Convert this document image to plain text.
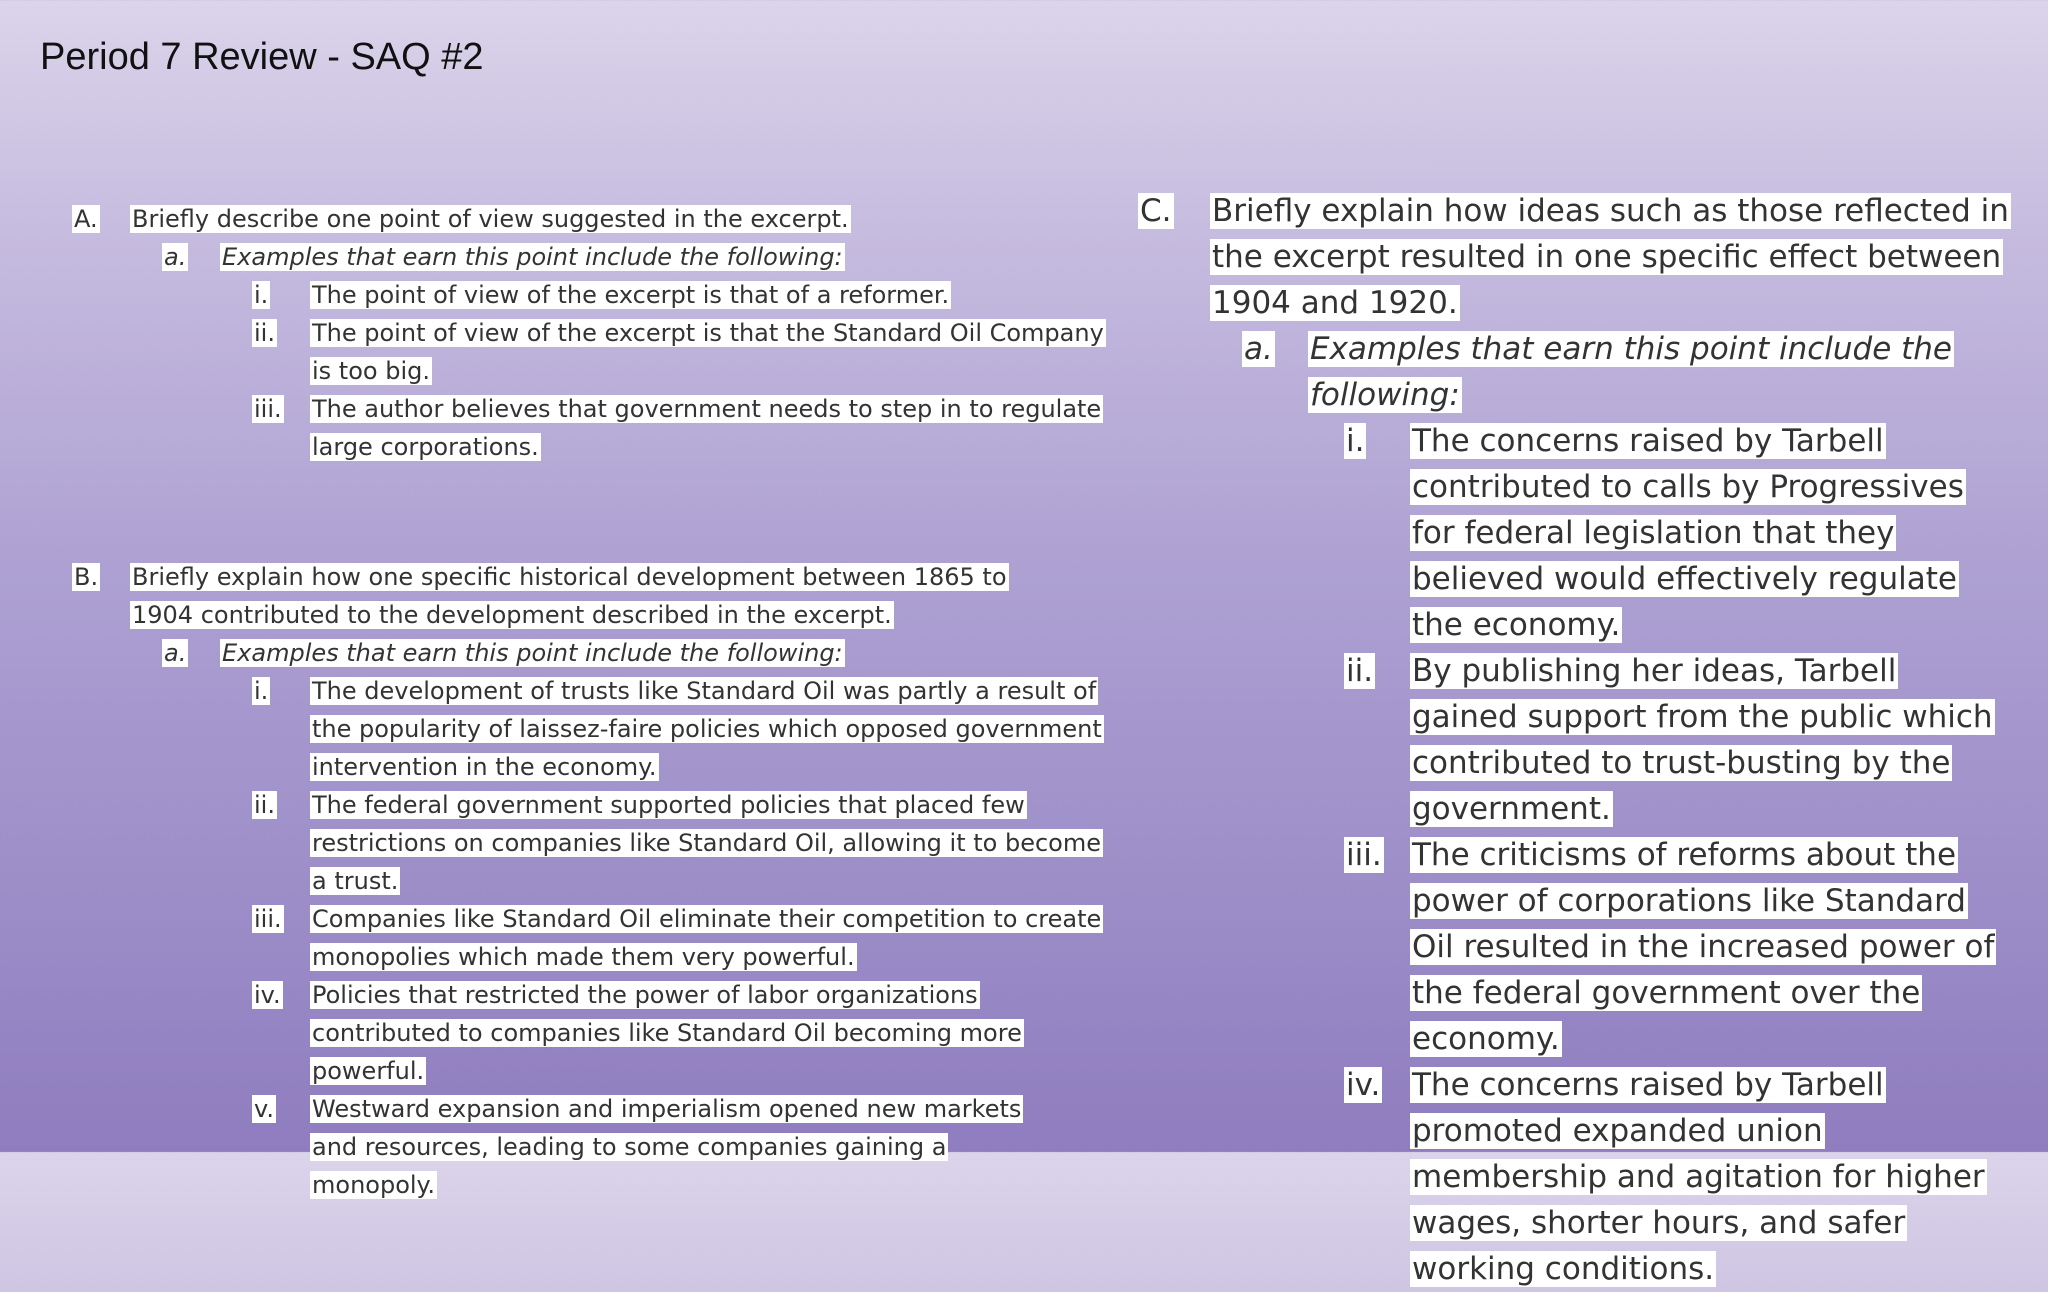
Period 7 Review - SAQ #2
A.	Briefly describe one point of view suggested in the excerpt.
a.	Examples that earn this point include the following:
i.	The point of view of the excerpt is that of a reformer.
ii.	The point of view of the excerpt is that the Standard Oil Company is too big.
iii.	The author believes that government needs to step in to regulate large corporations.
B.	Briefly explain how one specific historical development between 1865 to 1904 contributed to the development described in the excerpt.
a.	Examples that earn this point include the following:
i.	The development of trusts like Standard Oil was partly a result of the popularity of laissez-faire policies which opposed government intervention in the economy.
ii.	The federal government supported policies that placed few restrictions on companies like Standard Oil, allowing it to become a trust.
iii.	Companies like Standard Oil eliminate their competition to create monopolies which made them very powerful.
iv.	Policies that restricted the power of labor organizations contributed to companies like Standard Oil becoming more powerful.
v.	Westward expansion and imperialism opened new markets and resources, leading to some companies gaining a monopoly.
C.	Briefly explain how ideas such as those reflected in the excerpt resulted in one specific effect between 1904 and 1920.
a.	Examples that earn this point include the following:
i.	The concerns raised by Tarbell contributed to calls by Progressives for federal legislation that they believed would effectively regulate the economy.
ii.	By publishing her ideas, Tarbell gained support from the public which contributed to trust-busting by the government.
iii. The criticisms of reforms about the power of corporations like Standard Oil resulted in the increased power of the federal government over the economy.
iv.	The concerns raised by Tarbell promoted expanded union membership and agitation for higher wages, shorter hours, and safer working conditions.
